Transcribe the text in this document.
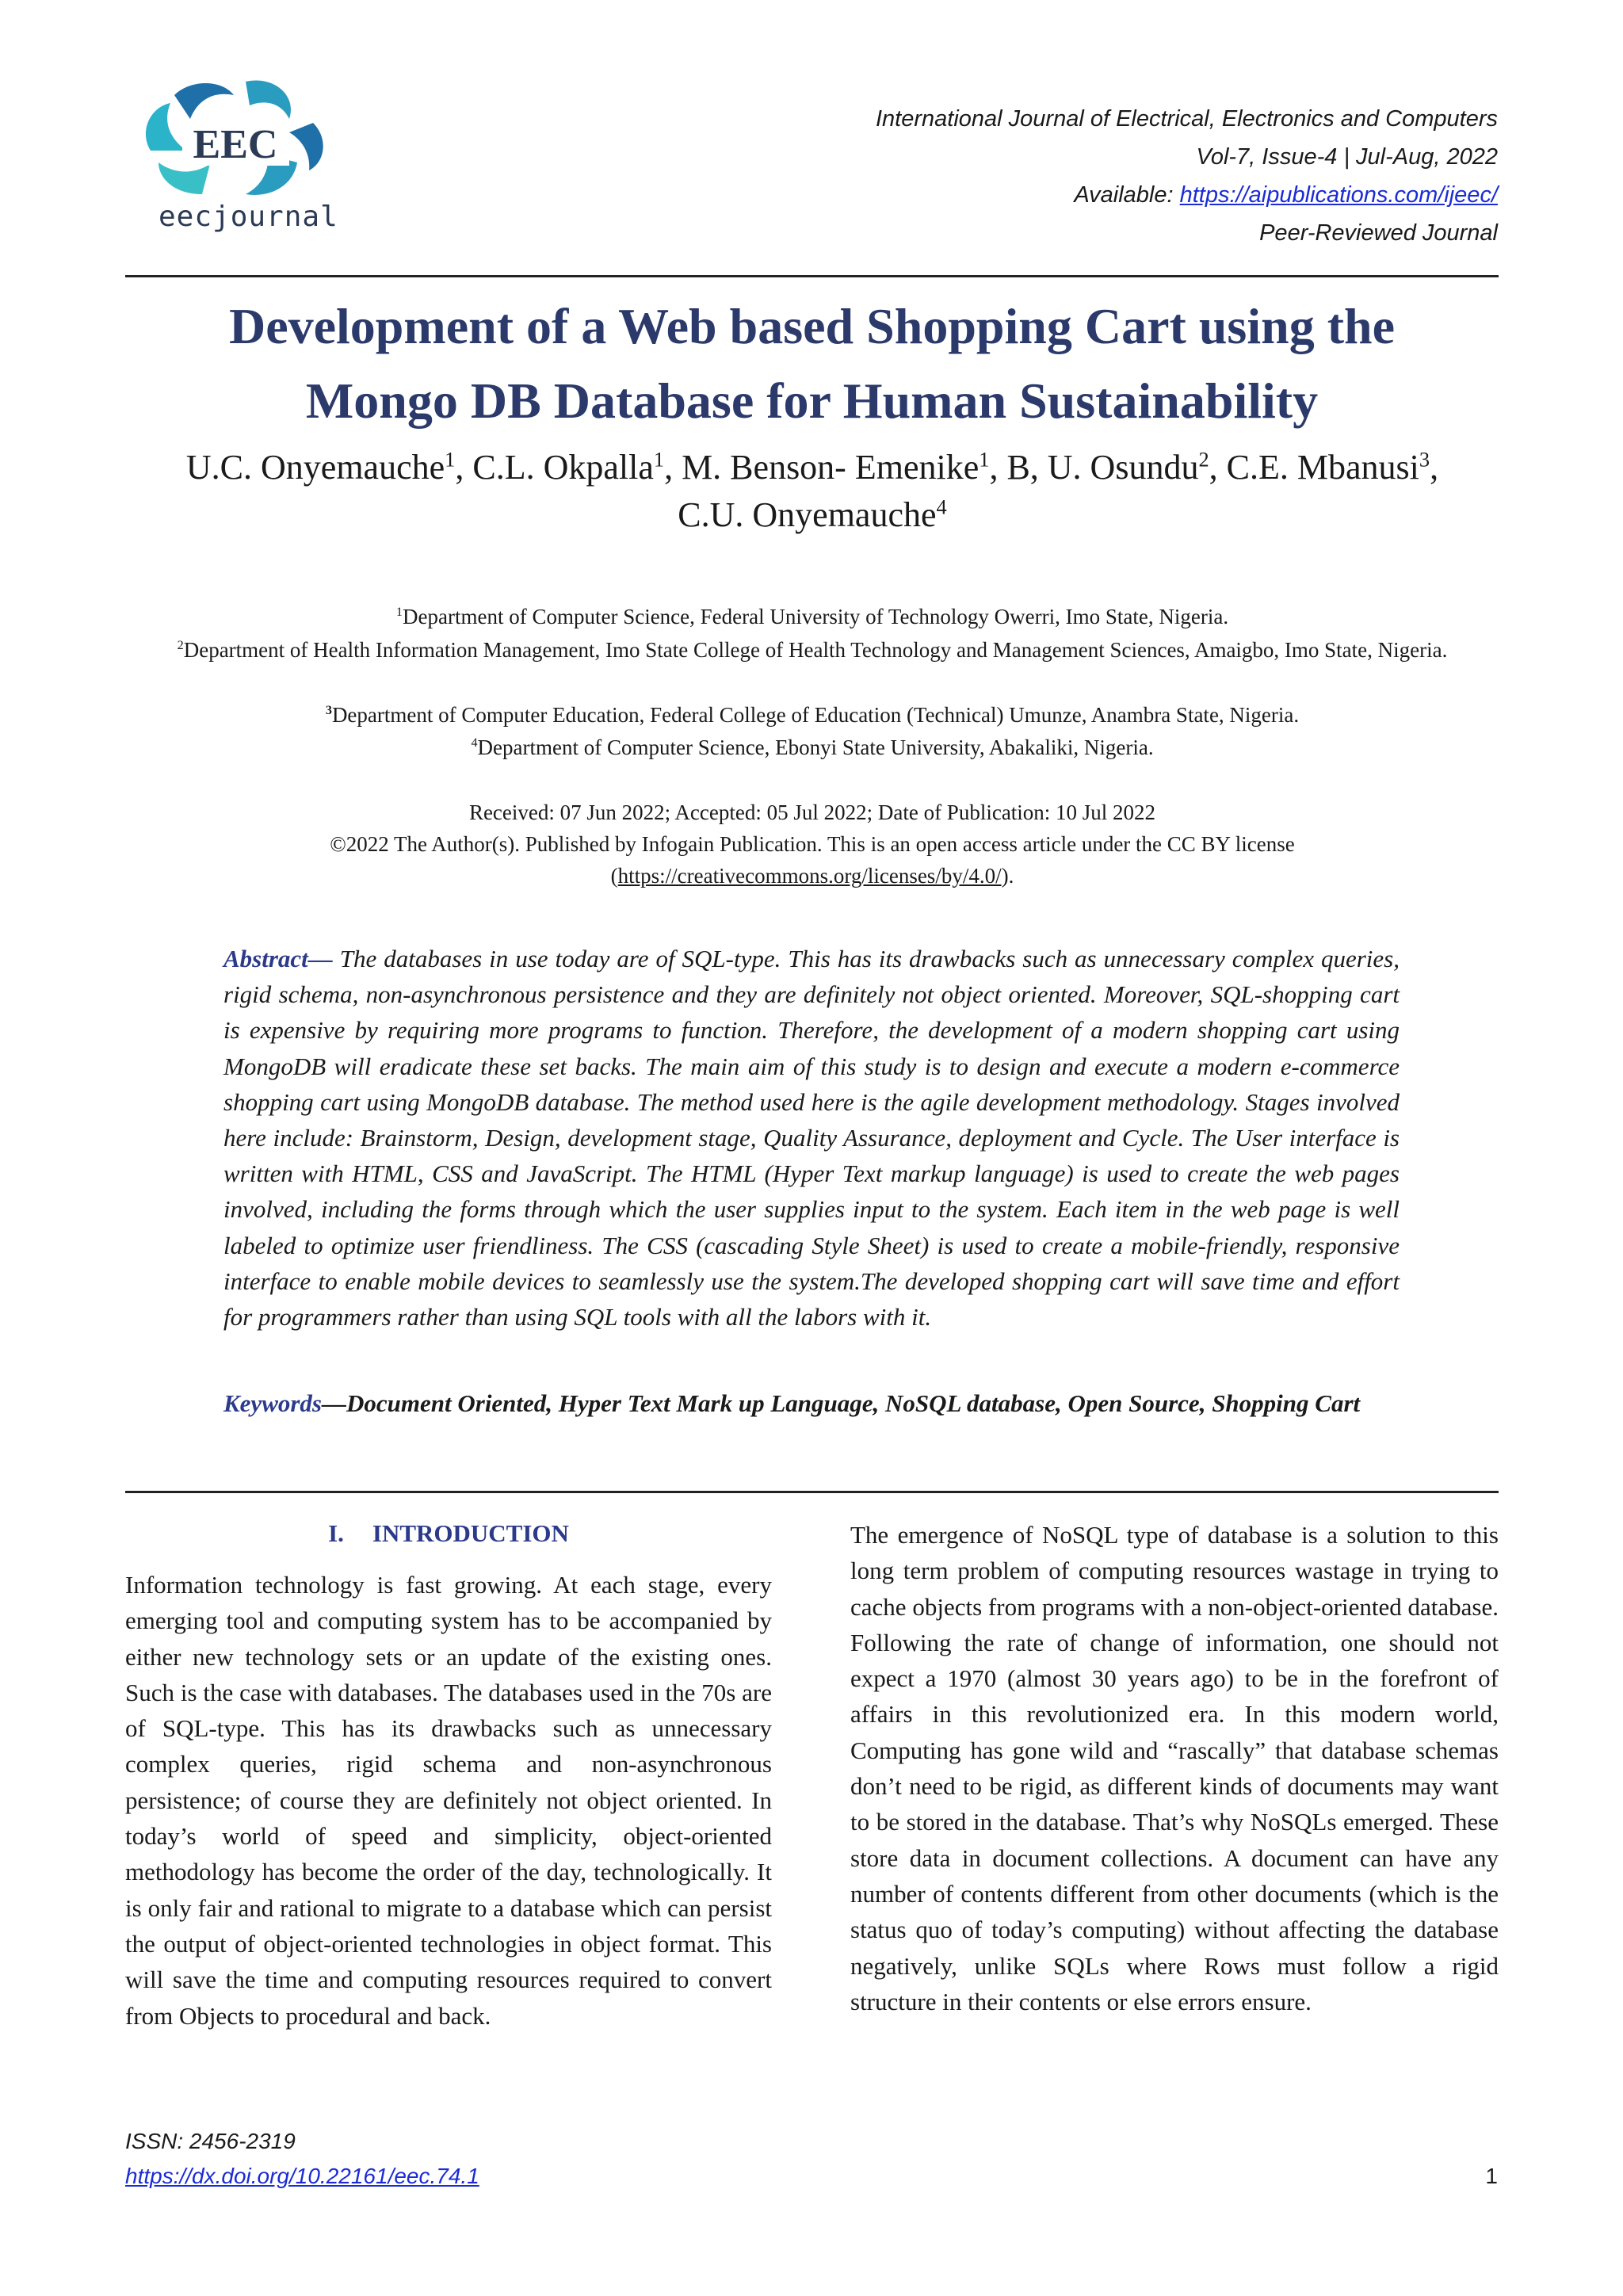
EEC
eecjournal
International Journal of Electrical, Electronics and Computers
Vol-7, Issue-4 | Jul-Aug, 2022
Available: https://aipublications.com/ijeec/
Peer-Reviewed Journal
Development of a Web based Shopping Cart using the
Mongo DB Database for Human Sustainability
U.C. Onyemauche$^1$, C.L. Okpalla$^1$, M. Benson- Emenike$^1$, B, U. Osundu$^2$, C.E. Mbanusi$^3$, C.U. Onyemauche$^4$
$^1$Department of Computer Science, Federal University of Technology Owerri, Imo State, Nigeria.
$^2$Department of Health Information Management, Imo State College of Health Technology and Management Sciences, Amaigbo, Imo State, Nigeria.
$^3$Department of Computer Education, Federal College of Education (Technical) Umunze, Anambra State, Nigeria.
$^4$Department of Computer Science, Ebonyi State University, Abakaliki, Nigeria.
Received: 07 Jun 2022; Accepted: 05 Jul 2022; Date of Publication: 10 Jul 2022
©2022 The Author(s). Published by Infogain Publication. This is an open access article under the CC BY license
(https://creativecommons.org/licenses/by/4.0/).
Abstract— The databases in use today are of SQL-type. This has its drawbacks such as unnecessary complex queries, rigid schema, non-asynchronous persistence and they are definitely not object oriented. Moreover, SQL-shopping cart is expensive by requiring more programs to function. Therefore, the development of a modern shopping cart using MongoDB will eradicate these set backs. The main aim of this study is to design and execute a modern e-commerce shopping cart using MongoDB database. The method used here is the agile development methodology. Stages involved here include: Brainstorm, Design, development stage, Quality Assurance, deployment and Cycle. The User interface is written with HTML, CSS and JavaScript. The HTML (Hyper Text markup language) is used to create the web pages involved, including the forms through which the user supplies input to the system. Each item in the web page is well labeled to optimize user friendliness. The CSS (cascading Style Sheet) is used to create a mobile-friendly, responsive interface to enable mobile devices to seamlessly use the system.The developed shopping cart will save time and effort for programmers rather than using SQL tools with all the labors with it.
Keywords—Document Oriented, Hyper Text Mark up Language, NoSQL database, Open Source, Shopping Cart
I. INTRODUCTION
Information technology is fast growing. At each stage, every emerging tool and computing system has to be accompanied by either new technology sets or an update of the existing ones. Such is the case with databases. The databases used in the 70s are of SQL-type. This has its drawbacks such as unnecessary complex queries, rigid schema and non-asynchronous persistence; of course they are definitely not object oriented. In today’s world of speed and simplicity, object-oriented methodology has become the order of the day, technologically. It is only fair and rational to migrate to a database which can persist the output of object-oriented technologies in object format. This will save the time and computing resources required to convert from Objects to procedural and back.
The emergence of NoSQL type of database is a solution to this long term problem of computing resources wastage in trying to cache objects from programs with a non-object-oriented database. Following the rate of change of information, one should not expect a 1970 (almost 30 years ago) to be in the forefront of affairs in this revolutionized era. In this modern world, Computing has gone wild and “rascally” that database schemas don’t need to be rigid, as different kinds of documents may want to be stored in the database. That’s why NoSQLs emerged. These store data in document collections. A document can have any number of contents different from other documents (which is the status quo of today’s computing) without affecting the database negatively, unlike SQLs where Rows must follow a rigid structure in their contents or else errors ensure.
ISSN: 2456-2319
https://dx.doi.org/10.22161/eec.74.1	1
